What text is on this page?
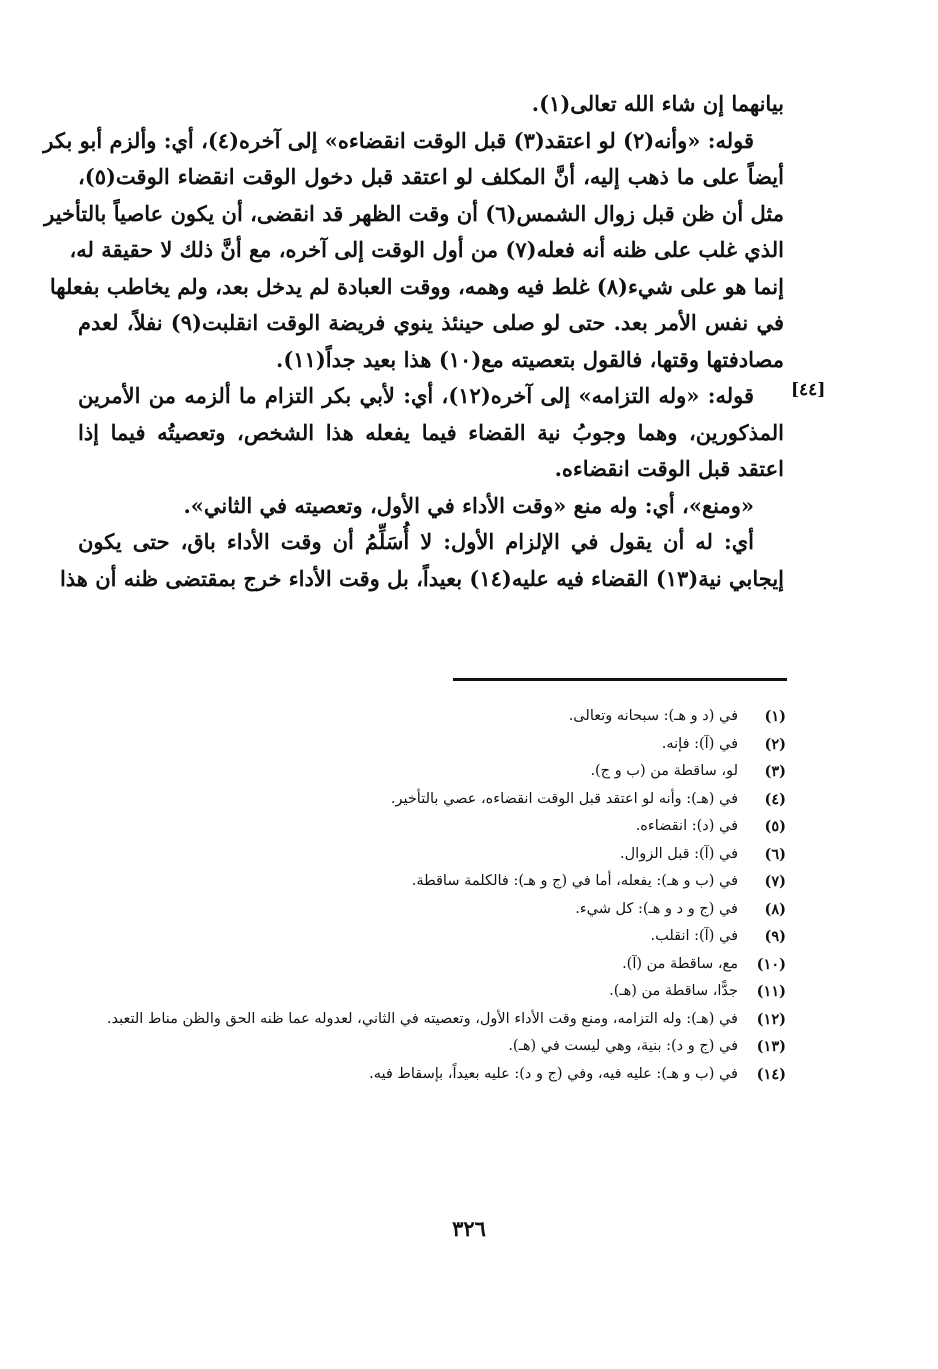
بيانهما إن شاء الله تعالى(١).

قوله: «وأنه(٢) لو اعتقد(٣) قبل الوقت انقضاءه» إلى آخره(٤)، أي: وألزم أبو بكر
أيضاً على ما ذهب إليه، أنَّ المكلف لو اعتقد قبل دخول الوقت انقضاء الوقت(٥)،
مثل أن ظن قبل زوال الشمس(٦) أن وقت الظهر قد انقضى، أن يكون عاصياً بالتأخير
الذي غلب على ظنه أنه فعله(٧) من أول الوقت إلى آخره، مع أنَّ ذلك لا حقيقة له،
إنما هو على شيء(٨) غلط فيه وهمه، ووقت العبادة لم يدخل بعد، ولم يخاطب بفعلها
في نفس الأمر بعد. حتى لو صلى حينئذ ينوي فريضة الوقت انقلبت(٩) نفلاً، لعدم
مصادفتها وقتها، فالقول بتعصيته مع(١٠) هذا بعيد جداً(١١).

قوله: «وله التزامه» إلى آخره(١٢)، أي: لأبي بكر التزام ما ألزمه من الأمرين
المذكورين، وهما وجوبُ نية القضاء فيما يفعله هذا الشخص، وتعصيتُه فيما إذا
اعتقد قبل الوقت انقضاءه.

«ومنع»، أي: وله منع «وقت الأداء في الأول، وتعصيته في الثاني».

أي: له أن يقول في الإلزام الأول: لا أُسَلِّمُ أن وقت الأداء باق، حتى يكون
إيجابي نية(١٣) القضاء فيه عليه(١٤) بعيداً، بل وقت الأداء خرج بمقتضى ظنه أن هذا

[٤٤]
(١)
في (د و هـ): سبحانه وتعالى.
(٢)
في (آ): فإنه.
(٣)
لو، ساقطة من (ب و ج).
(٤)
في (هـ): وأنه لو اعتقد قبل الوقت انقضاءه، عصي بالتأخير.
(٥)
في (د): انقضاءه.
(٦)
في (آ): قبل الزوال.
(٧)
في (ب و هـ): يفعله، أما في (ج و هـ): فالكلمة ساقطة.
(٨)
في (ج و د و هـ): كل شيء.
(٩)
في (آ): انقلب.
(١٠)
مع، ساقطة من (آ).
(١١)
جدًّا، ساقطة من (هـ).
(١٢)
في (هـ): وله التزامه، ومنع وقت الأداء الأول، وتعصيته في الثاني، لعدوله عما ظنه الحق والظن مناط التعبد.
(١٣)
في (ج و د): بنية، وهي ليست في (هـ).
(١٤)
في (ب و هـ): عليه فيه، وفي (ج و د): عليه بعيداً، بإسقاط فيه.
٣٢٦
